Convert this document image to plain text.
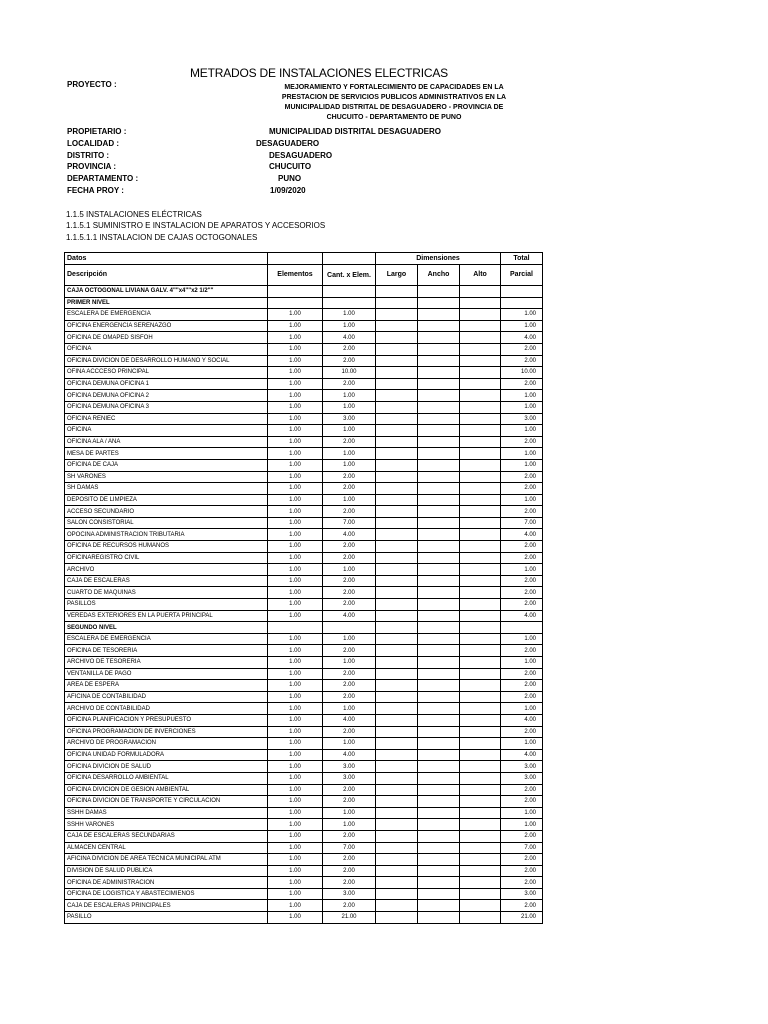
METRADOS DE INSTALACIONES ELECTRICAS
PROYECTO :	MEJORAMIENTO Y FORTALECIMIENTO DE CAPACIDADES EN LA PRESTACION DE SERVICIOS PUBLICOS ADMINISTRATIVOS EN LA MUNICIPALIDAD DISTRITAL DE DESAGUADERO - PROVINCIA DE CHUCUITO - DEPARTAMENTO DE PUNO
PROPIETARIO :	MUNICIPALIDAD DISTRITAL DESAGUADERO
LOCALIDAD :	DESAGUADERO
DISTRITO :	DESAGUADERO
PROVINCIA :	CHUCUITO
DEPARTAMENTO :	PUNO
FECHA PROY :	1/09/2020
1.1.5 INSTALACIONES ELÉCTRICAS
1.1.5.1 SUMINISTRO E INSTALACION DE APARATOS Y ACCESORIOS
1.1.5.1.1 INSTALACION DE CAJAS OCTOGONALES
Datos			Dimensiones			Total
Descripción	Elementos	Cant. x Elem.	Largo	Ancho	Alto	Parcial
CAJA OCTOGONAL LIVIANA GALV. 4""x4""x2 1/2""						
PRIMER NIVEL						
ESCALERA DE EMERGENCIA	1.00	1.00				1.00
OFICINA ENERGENCIA SERENAZGO	1.00	1.00				1.00
OFICINA DE OMAPED SISFOH	1.00	4.00				4.00
OFICINA	1.00	2.00				2.00
OFICINA DIVICION DE DESARROLLO HUMANO Y SOCIAL	1.00	2.00				2.00
OFINA ACCCESO PRINCIPAL	1.00	10.00				10.00
OFICINA DEMUNA OFICINA 1	1.00	2.00				2.00
OFICINA DEMUNA OFICINA 2	1.00	1.00				1.00
OFICINA DEMUNA OFICINA 3	1.00	1.00				1.00
OFICINA RENIEC	1.00	3.00				3.00
OFICINA	1.00	1.00				1.00
OFICINA ALA / ANA	1.00	2.00				2.00
MESA DE PARTES	1.00	1.00				1.00
OFICINA DE CAJA	1.00	1.00				1.00
SH VARONES	1.00	2.00				2.00
SH DAMAS	1.00	2.00				2.00
DEPOSITO DE LIMPIEZA	1.00	1.00				1.00
ACCESO SECUNDARIO	1.00	2.00				2.00
SALON CONSISTORIAL	1.00	7.00				7.00
OPOCINA ADMINISTRACION TRIBUTARIA	1.00	4.00				4.00
OFICINA DE RECURSOS HUMANOS	1.00	2.00				2.00
OFICINAREGISTRO CIVIL	1.00	2.00				2.00
ARCHIVO	1.00	1.00				1.00
CAJA DE ESCALERAS	1.00	2.00				2.00
CUARTO DE MAQUINAS	1.00	2.00				2.00
PASILLOS	1.00	2.00				2.00
VEREDAS EXTERIORES EN LA PUERTA PRINCIPAL	1.00	4.00				4.00
SEGUNDO NIVEL						
ESCALERA DE EMERGENCIA	1.00	1.00				1.00
OFICINA DE TESORERIA	1.00	2.00				2.00
ARCHIVO DE TESORERIA	1.00	1.00				1.00
VENTANILLA DE PAGO	1.00	2.00				2.00
AREA DE ESPERA	1.00	2.00				2.00
AFICINA DE CONTABILIDAD	1.00	2.00				2.00
ARCHIVO DE CONTABILIDAD	1.00	1.00				1.00
OFICINA PLANIFICACION Y PRESUPUESTO	1.00	4.00				4.00
OFICINA PROGRAMACION DE INVERCIONES	1.00	2.00				2.00
ARCHIVO DE PROGRAMACION	1.00	1.00				1.00
OFICINA UNIDAD FORMULADORA	1.00	4.00				4.00
OFICINA DIVICION DE SALUD	1.00	3.00				3.00
OFICINA DESARROLLO AMBIENTAL	1.00	3.00				3.00
OFICINA DIVICION DE GESION AMBIENTAL	1.00	2.00				2.00
OFICINA DIVICION DE TRANSPORTE Y CIRCULACION	1.00	2.00				2.00
SSHH DAMAS	1.00	1.00				1.00
SSHH VARONES	1.00	1.00				1.00
CAJA DE ESCALERAS SECUNDARIAS	1.00	2.00				2.00
ALMACEN CENTRAL	1.00	7.00				7.00
AFICINA DIVICION DE AREA TECNICA MUNICIPAL ATM	1.00	2.00				2.00
DIVISION DE SALUD PUBLICA	1.00	2.00				2.00
OFICINA DE ADMINISTRACION	1.00	2.00				2.00
OFICINA DE LOGISTICA Y ABASTECIMIENOS	1.00	3.00				3.00
CAJA DE ESCALERAS PRINCIPALES	1.00	2.00				2.00
PASILLO	1.00	21.00				21.00
